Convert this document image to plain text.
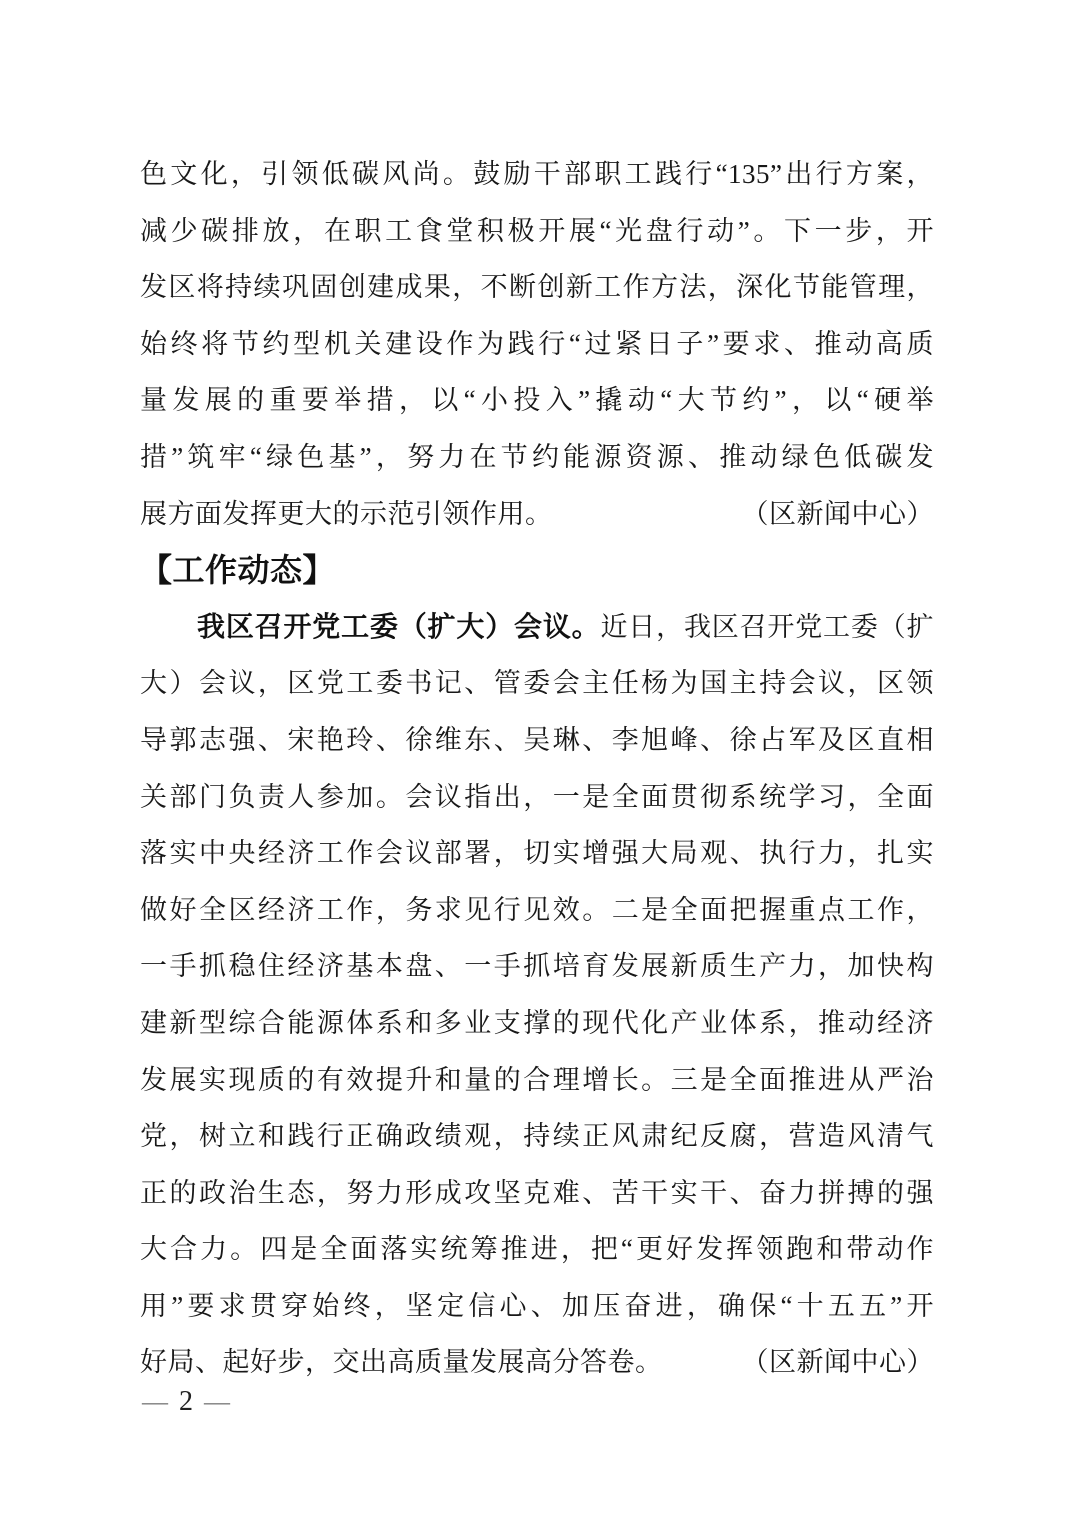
色文化，引领低碳风尚。鼓励干部职工践行“135”出行方案，
减少碳排放，在职工食堂积极开展“光盘行动”。下一步，开
发区将持续巩固创建成果，不断创新工作方法，深化节能管理，
始终将节约型机关建设作为践行“过紧日子”要求、推动高质
量发展的重要举措，以“小投入”撬动“大节约”，以“硬举
措”筑牢“绿色基”，努力在节约能源资源、推动绿色低碳发
展方面发挥更大的示范引领作用。	（区新闻中心）
【工作动态】
我区召开党工委（扩大）会议。近日，我区召开党工委（扩
大）会议，区党工委书记、管委会主任杨为国主持会议，区领
导郭志强、宋艳玲、徐维东、吴琳、李旭峰、徐占军及区直相
关部门负责人参加。会议指出，一是全面贯彻系统学习，全面
落实中央经济工作会议部署，切实增强大局观、执行力，扎实
做好全区经济工作，务求见行见效。二是全面把握重点工作，
一手抓稳住经济基本盘、一手抓培育发展新质生产力，加快构
建新型综合能源体系和多业支撑的现代化产业体系，推动经济
发展实现质的有效提升和量的合理增长。三是全面推进从严治
党，树立和践行正确政绩观，持续正风肃纪反腐，营造风清气
正的政治生态，努力形成攻坚克难、苦干实干、奋力拼搏的强
大合力。四是全面落实统筹推进，把“更好发挥领跑和带动作
用”要求贯穿始终，坚定信心、加压奋进，确保“十五五”开
好局、起好步，交出高质量发展高分答卷。	（区新闻中心）
— 2 —
